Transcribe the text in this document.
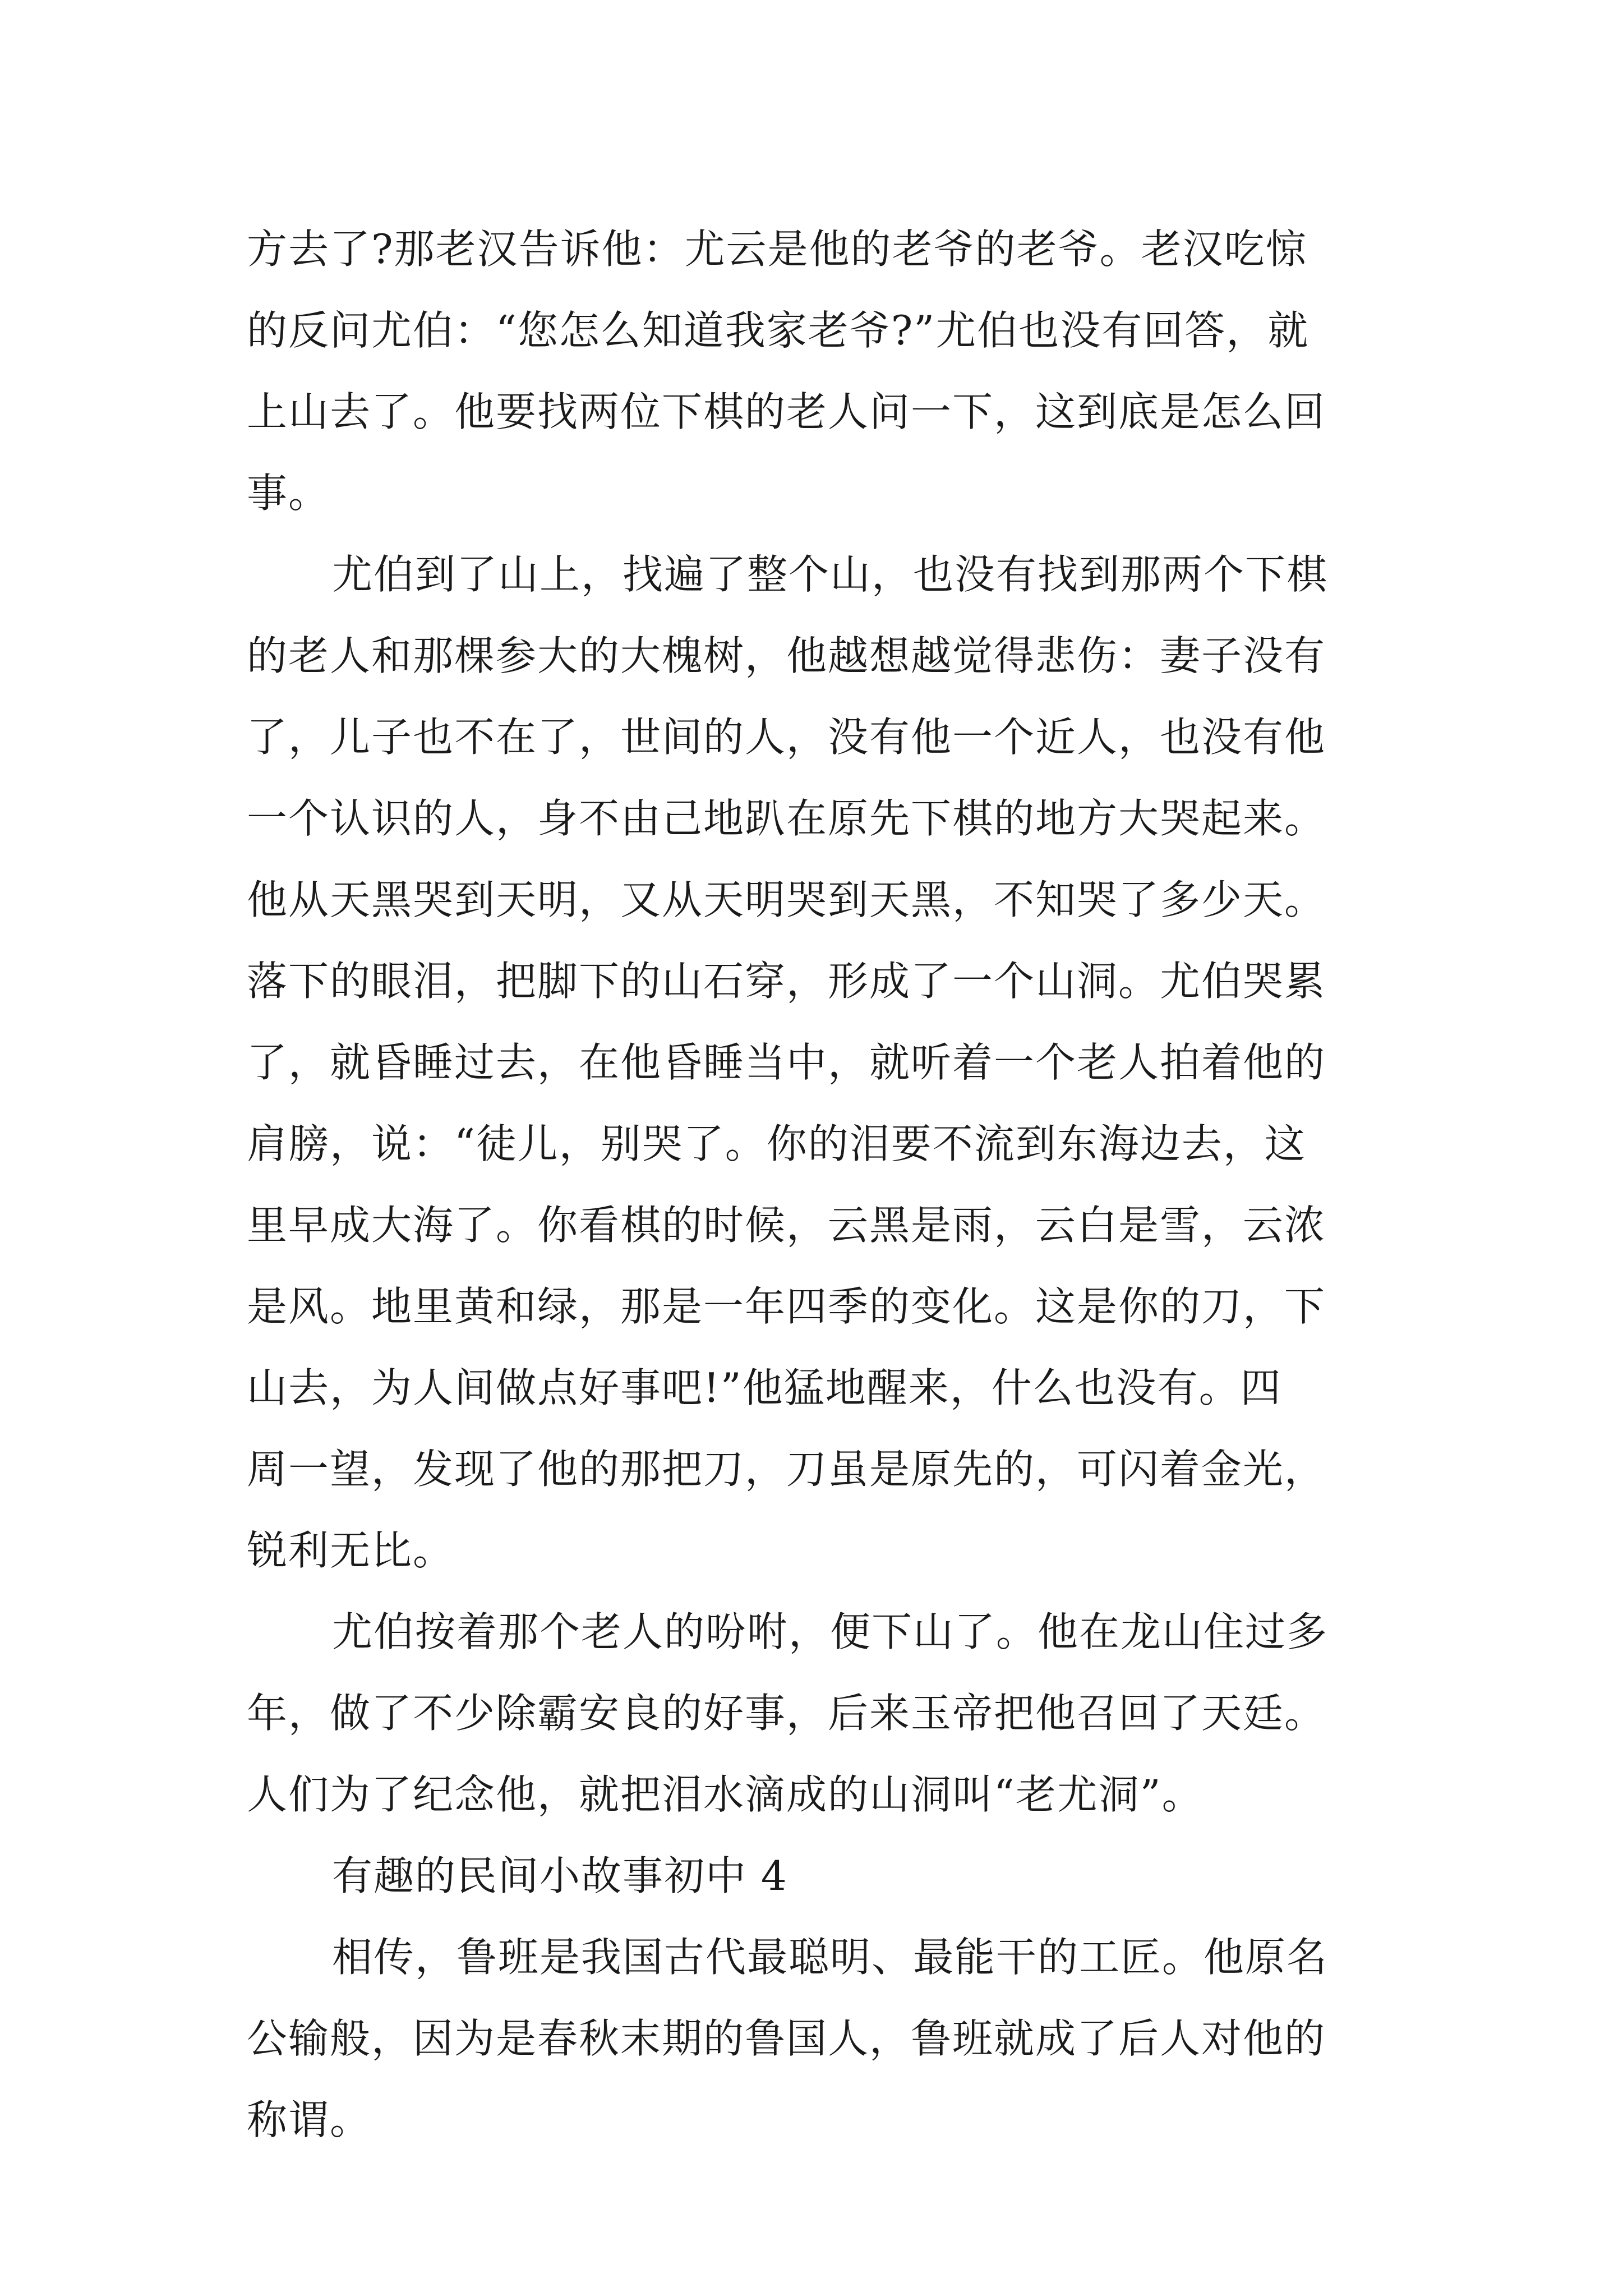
方去了?那老汉告诉他：尤云是他的老爷的老爷。老汉吃惊
的反问尤伯：“您怎么知道我家老爷?”尤伯也没有回答，就
上山去了。他要找两位下棋的老人问一下，这到底是怎么回
事。
尤伯到了山上，找遍了整个山，也没有找到那两个下棋
的老人和那棵参大的大槐树，他越想越觉得悲伤：妻子没有
了，儿子也不在了，世间的人，没有他一个近人，也没有他
一个认识的人，身不由己地趴在原先下棋的地方大哭起来。
他从天黑哭到天明，又从天明哭到天黑，不知哭了多少天。
落下的眼泪，把脚下的山石穿，形成了一个山洞。尤伯哭累
了，就昏睡过去，在他昏睡当中，就听着一个老人拍着他的
肩膀，说：“徒儿，别哭了。你的泪要不流到东海边去，这
里早成大海了。你看棋的时候，云黑是雨，云白是雪，云浓
是风。地里黄和绿，那是一年四季的变化。这是你的刀，下
山去，为人间做点好事吧!”他猛地醒来，什么也没有。四
周一望，发现了他的那把刀，刀虽是原先的，可闪着金光，
锐利无比。
尤伯按着那个老人的吩咐，便下山了。他在龙山住过多
年，做了不少除霸安良的好事，后来玉帝把他召回了天廷。
人们为了纪念他，就把泪水滴成的山洞叫“老尤洞”。
有趣的民间小故事初中 4
相传，鲁班是我国古代最聪明、最能干的工匠。他原名
公输般，因为是春秋末期的鲁国人，鲁班就成了后人对他的
称谓。
